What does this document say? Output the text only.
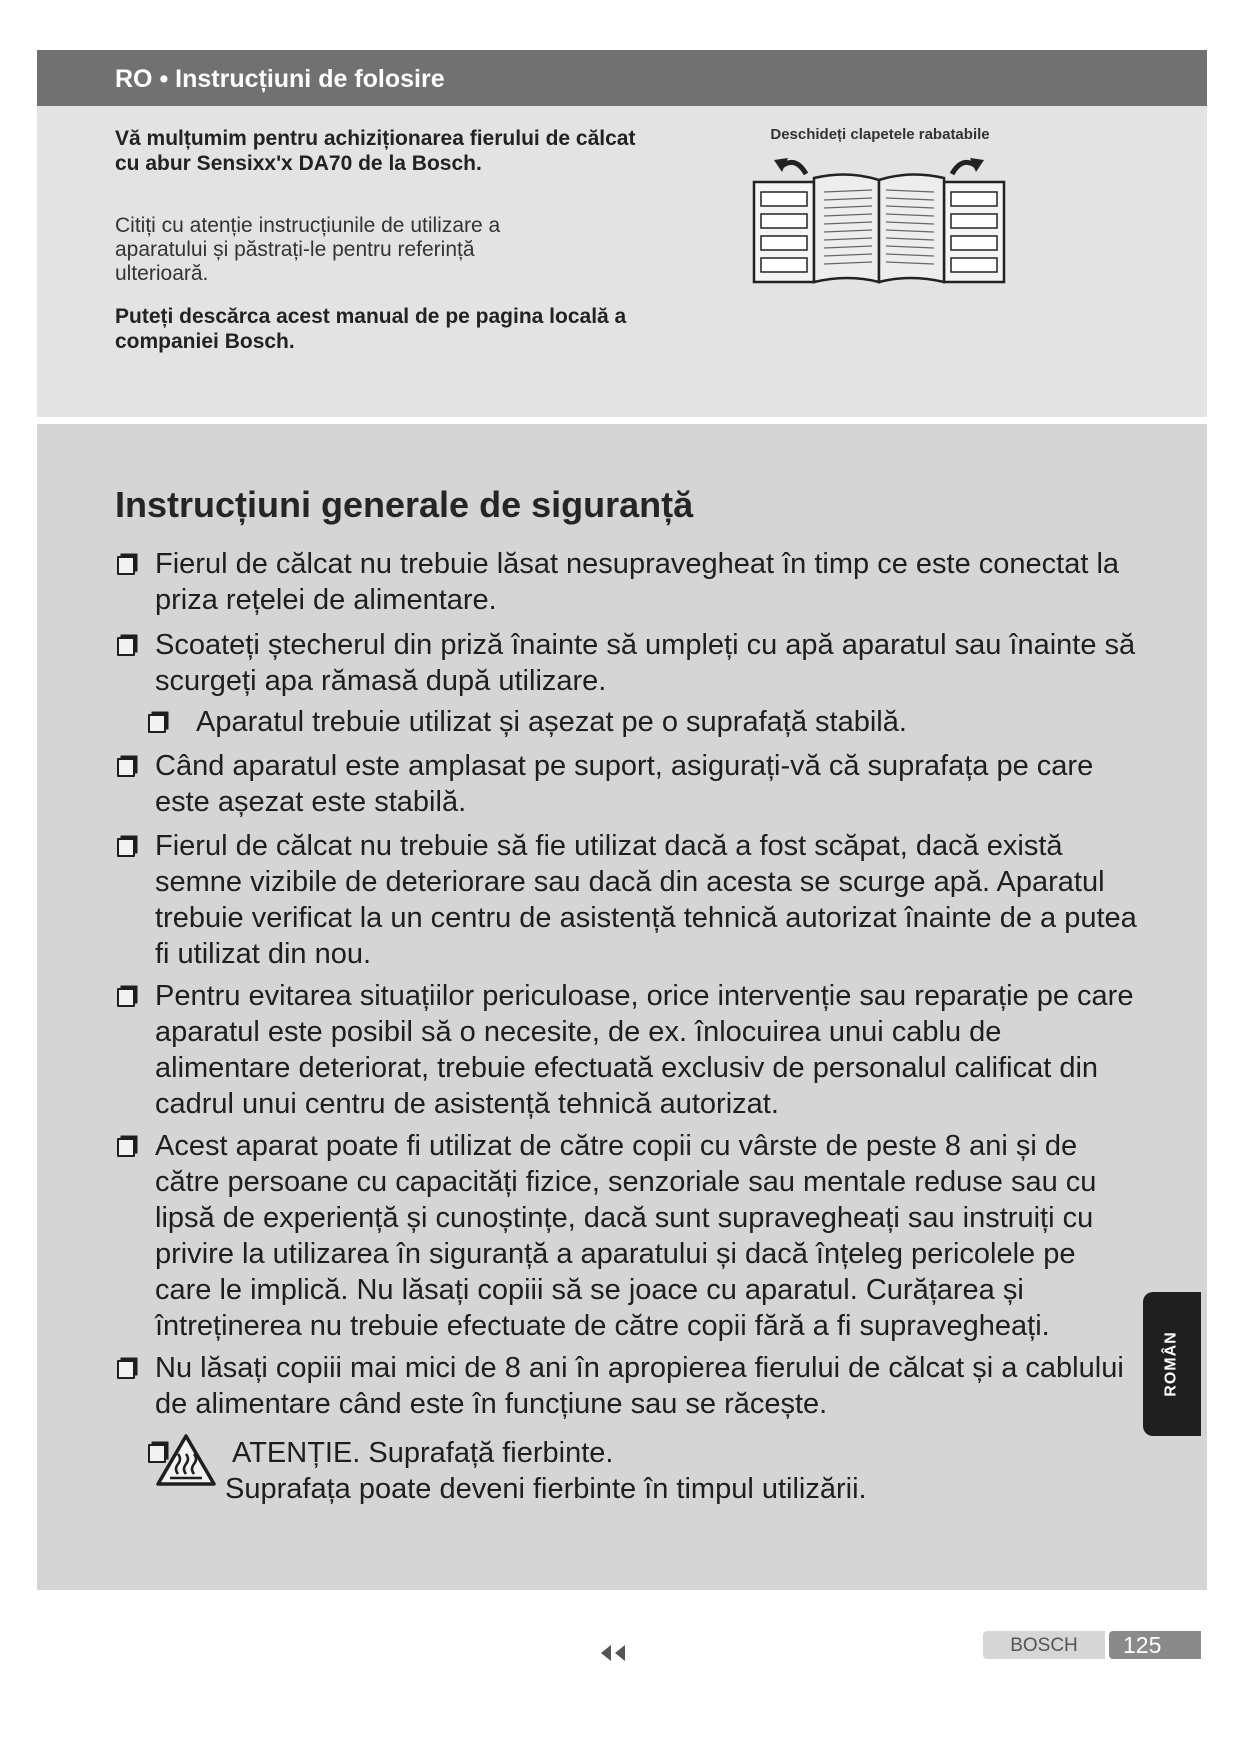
RO • Instrucțiuni de folosire
Vă mulțumim pentru achiziționarea fierului de călcat cu abur Sensixx'x DA70 de la Bosch.
Citiți cu atenție instrucțiunile de utilizare a aparatului și păstrați-le pentru referință ulterioară.
Puteți descărca acest manual de pe pagina locală a companiei Bosch.
Deschideți clapetele rabatabile
Instrucțiuni generale de siguranță
Fierul de călcat nu trebuie lăsat nesupravegheat în timp ce este conectat la priza rețelei de alimentare.
Scoateți ștecherul din priză înainte să umpleți cu apă aparatul sau înainte să scurgeți apa rămasă după utilizare.
Aparatul trebuie utilizat și așezat pe o suprafață stabilă.
Când aparatul este amplasat pe suport, asigurați-vă că suprafața pe care este așezat este stabilă.
Fierul de călcat nu trebuie să fie utilizat dacă a fost scăpat, dacă există semne vizibile de deteriorare sau dacă din acesta se scurge apă. Aparatul trebuie verificat la un centru de asistență tehnică autorizat înainte de a putea fi utilizat din nou.
Pentru evitarea situațiilor periculoase, orice intervenție sau reparație pe care aparatul este posibil să o necesite, de ex. înlocuirea unui cablu de alimentare deteriorat, trebuie efectuată exclusiv de personalul calificat din cadrul unui centru de asistență tehnică autorizat.
Acest aparat poate fi utilizat de către copii cu vârste de peste 8 ani și de către persoane cu capacități fizice, senzoriale sau mentale reduse sau cu lipsă de experiență și cunoștințe, dacă sunt supravegheați sau instruiți cu privire la utilizarea în siguranță a aparatului și dacă înțeleg pericolele pe care le implică. Nu lăsați copiii să se joace cu aparatul. Curățarea și întreținerea nu trebuie efectuate de către copii fără a fi supravegheați.
Nu lăsați copiii mai mici de 8 ani în apropierea fierului de călcat și a cablului de alimentare când este în funcțiune sau se răcește.
ATENȚIE. Suprafață fierbinte.
Suprafața poate deveni fierbinte în timpul utilizării.
ROMÂN
BOSCH	125
